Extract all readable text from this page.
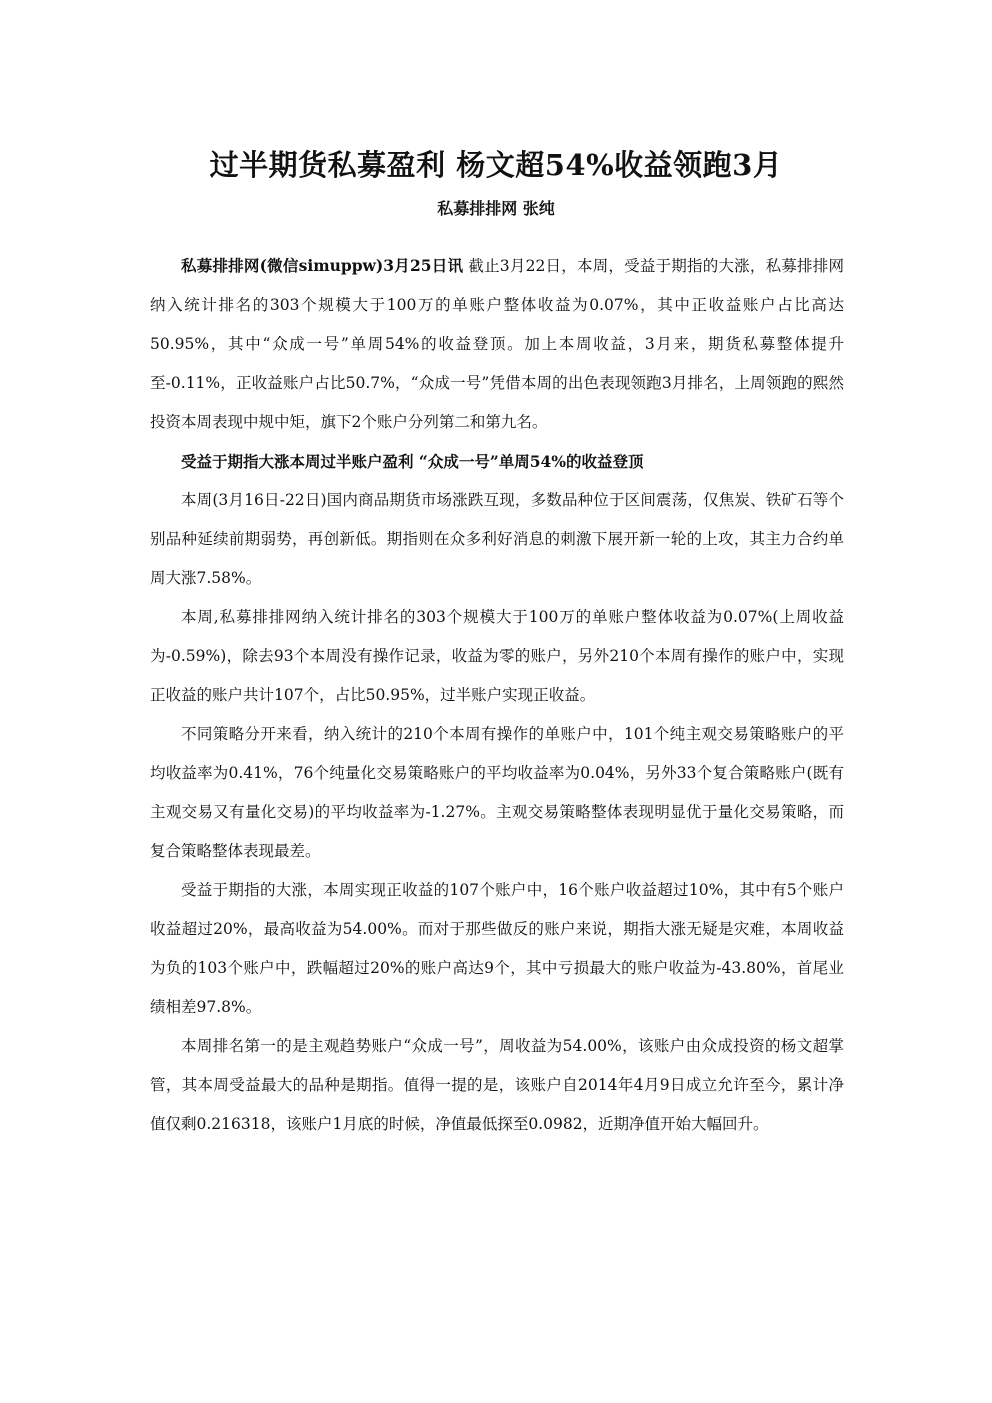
过半期货私募盈利 杨文超54%收益领跑3月
私募排排网 张纯

私募排排网(微信simuppw)3月25日讯 截止3月22日，本周，受益于期指的大涨，私募排排网纳入统计排名的303个规模大于100万的单账户整体收益为0.07%，其中正收益账户占比高达50.95%，其中“众成一号”单周54%的收益登顶。加上本周收益，3月来，期货私募整体提升至-0.11%，正收益账户占比50.7%，“众成一号”凭借本周的出色表现领跑3月排名，上周领跑的熙然投资本周表现中规中矩，旗下2个账户分列第二和第九名。

受益于期指大涨本周过半账户盈利 “众成一号”单周54%的收益登顶

本周(3月16日-22日)国内商品期货市场涨跌互现，多数品种位于区间震荡，仅焦炭、铁矿石等个别品种延续前期弱势，再创新低。期指则在众多利好消息的刺激下展开新一轮的上攻，其主力合约单周大涨7.58%。

本周,私募排排网纳入统计排名的303个规模大于100万的单账户整体收益为0.07%(上周收益为-0.59%)，除去93个本周没有操作记录，收益为零的账户，另外210个本周有操作的账户中，实现正收益的账户共计107个，占比50.95%，过半账户实现正收益。

不同策略分开来看，纳入统计的210个本周有操作的单账户中，101个纯主观交易策略账户的平均收益率为0.41%，76个纯量化交易策略账户的平均收益率为0.04%，另外33个复合策略账户(既有主观交易又有量化交易)的平均收益率为-1.27%。主观交易策略整体表现明显优于量化交易策略，而复合策略整体表现最差。

受益于期指的大涨，本周实现正收益的107个账户中，16个账户收益超过10%，其中有5个账户收益超过20%，最高收益为54.00%。而对于那些做反的账户来说，期指大涨无疑是灾难，本周收益为负的103个账户中，跌幅超过20%的账户高达9个，其中亏损最大的账户收益为-43.80%，首尾业绩相差97.8%。

本周排名第一的是主观趋势账户“众成一号”，周收益为54.00%，该账户由众成投资的杨文超掌管，其本周受益最大的品种是期指。值得一提的是，该账户自2014年4月9日成立允许至今，累计净值仅剩0.216318，该账户1月底的时候，净值最低探至0.0982，近期净值开始大幅回升。
